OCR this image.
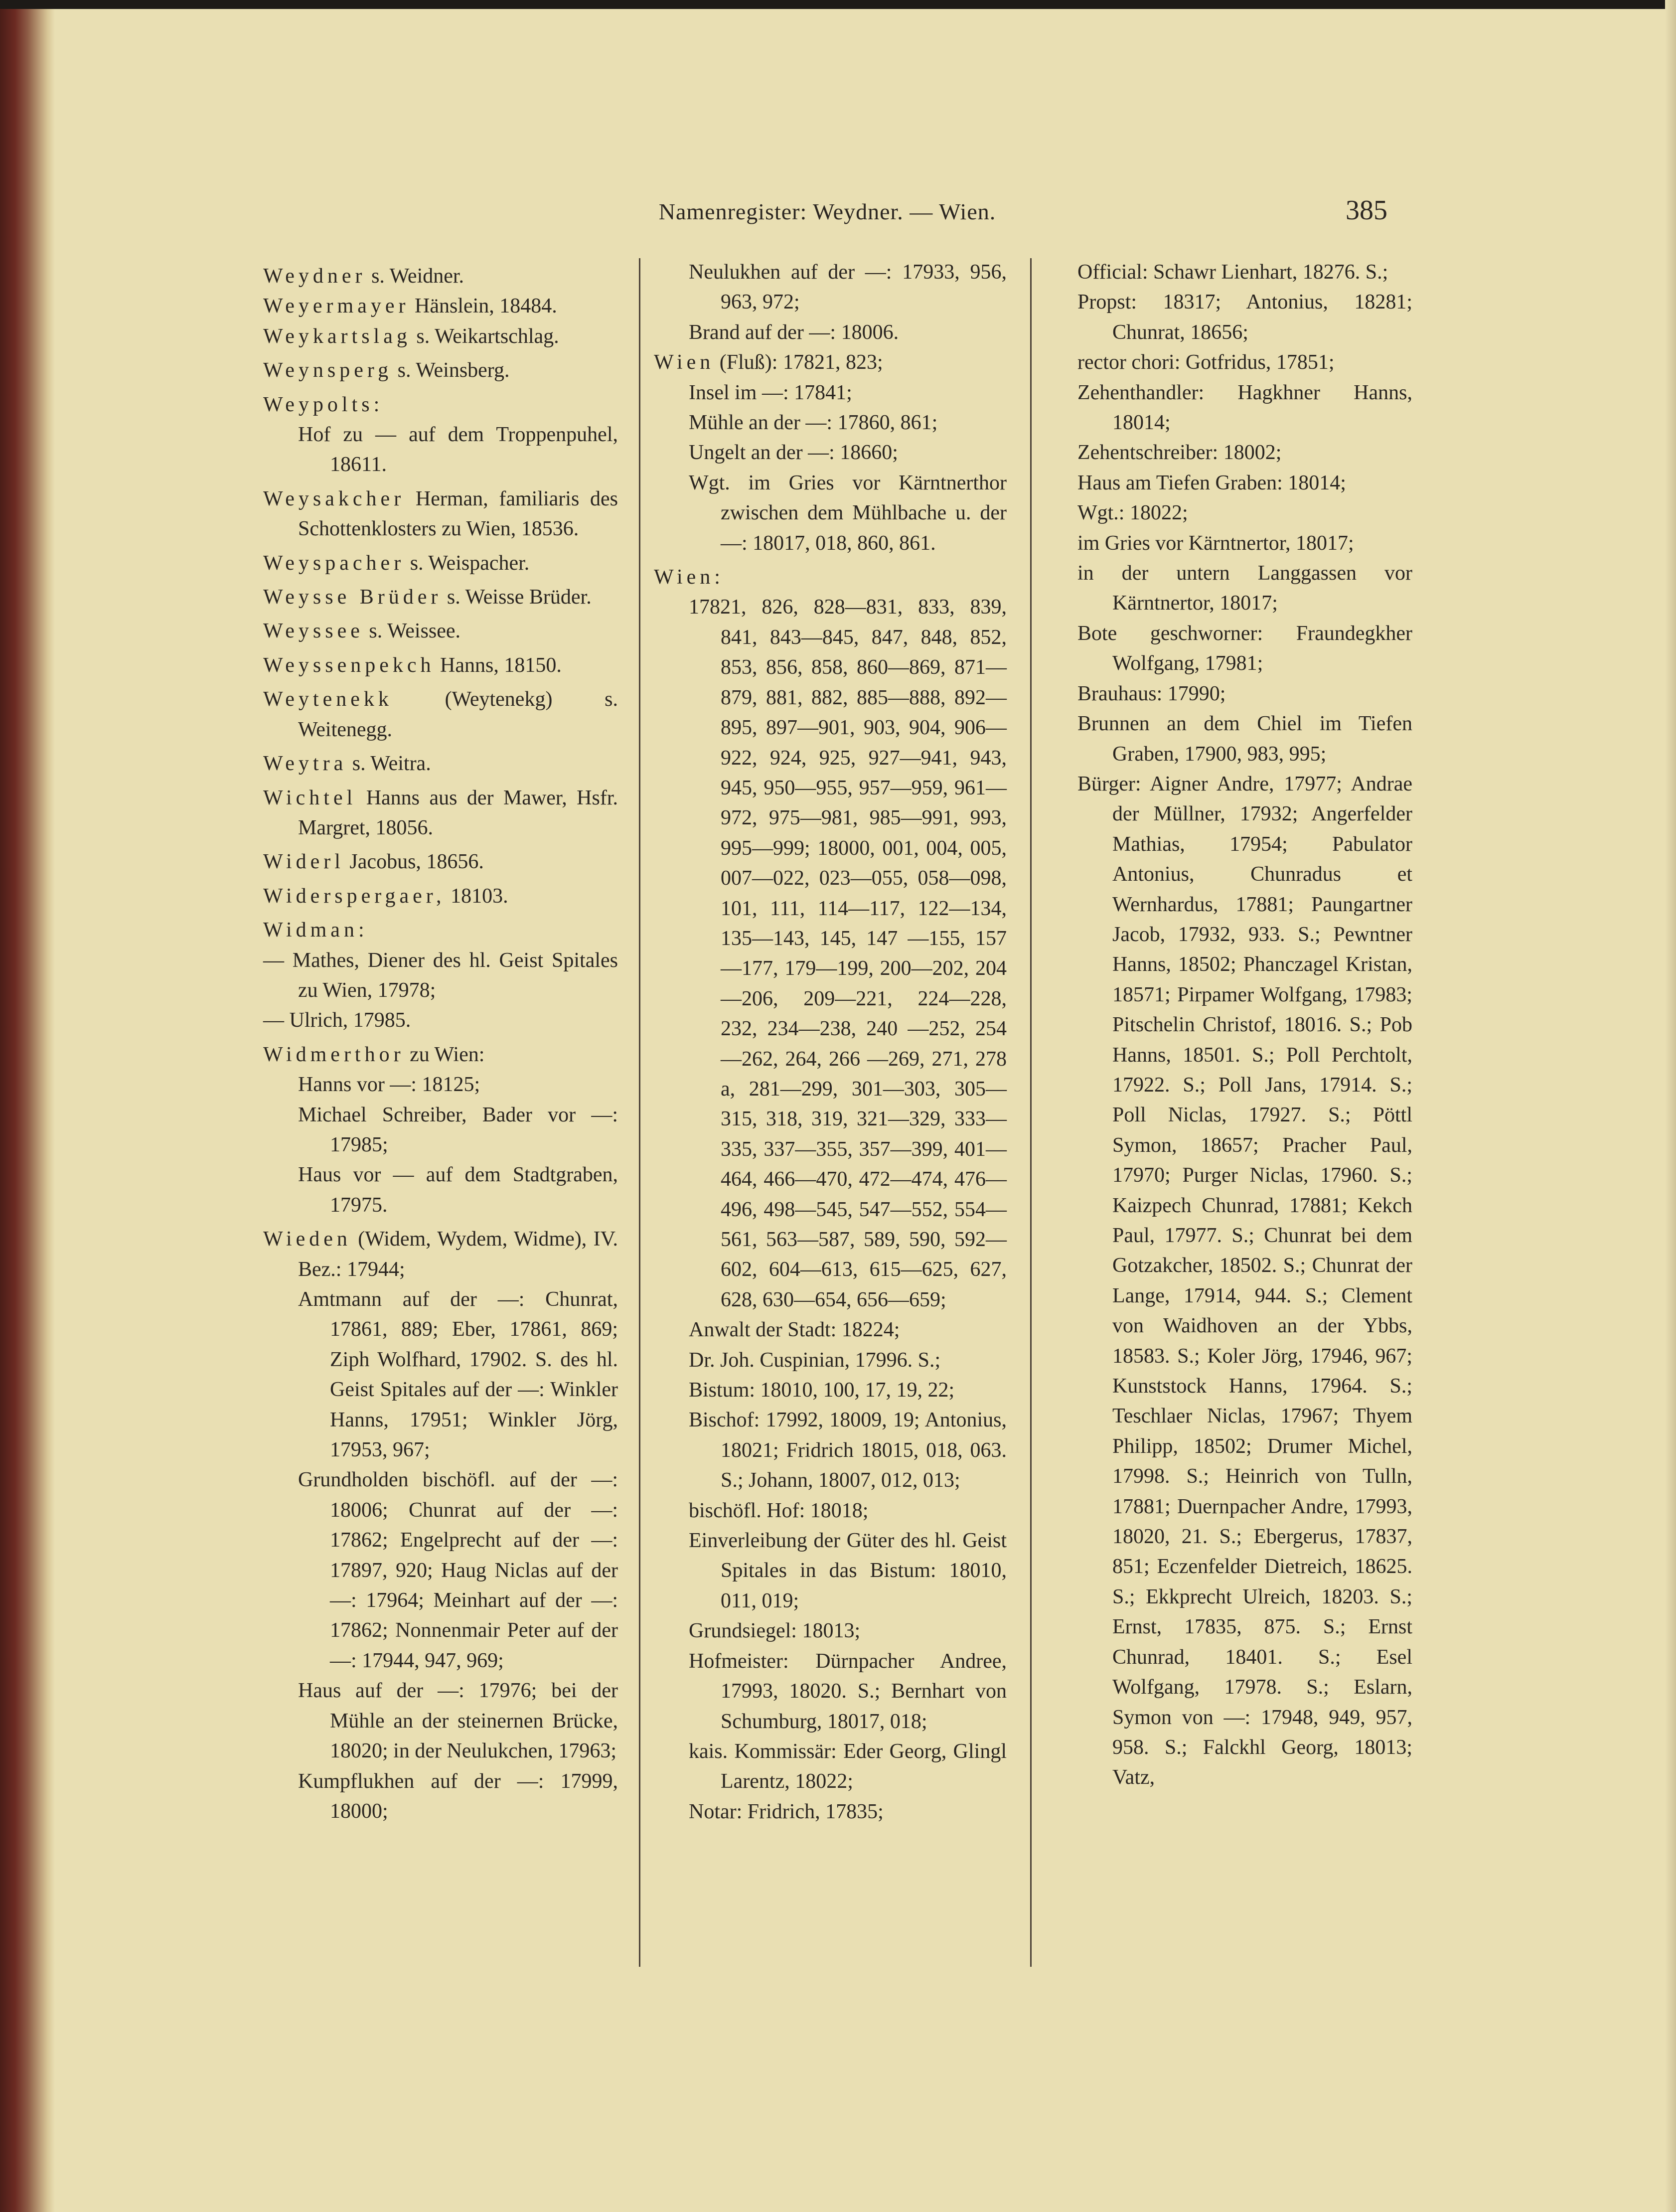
Namenregister: Weydner. — Wien.	385
Weydner s. Weidner.
Weyermayer Hänslein, 18484.
Weykartslag s. Weikartschlag.
Weynsperg s. Weinsberg.
Weypolts:
Hof zu — auf dem Troppenpuhel, 18611.
Weysakcher Herman, familiaris des Schottenklosters zu Wien, 18536.
Weyspacher s. Weispacher.
Weysse Brüder s. Weisse Brüder.
Weyssee s. Weissee.
Weyssenpekch Hanns, 18150.
Weytenekk (Weytenekg) s. Weitenegg.
Weytra s. Weitra.
Wichtel Hanns aus der Mawer, Hsfr. Margret, 18056.
Widerl Jacobus, 18656.
Widerspergaer, 18103.
Widman:
— Mathes, Diener des hl. Geist Spitales zu Wien, 17978;
— Ulrich, 17985.
Widmerthor zu Wien:
Hanns vor —: 18125;
Michael Schreiber, Bader vor —: 17985;
Haus vor — auf dem Stadtgraben, 17975.
Wieden (Widem, Wydem, Widme), IV. Bez.: 17944;
Amtmann auf der —: Chunrat, 17861, 889; Eber, 17861, 869; Ziph Wolfhard, 17902. S. des hl. Geist Spitales auf der —: Winkler Hanns, 17951; Winkler Jörg, 17953, 967;
Grundholden bischöfl. auf der —: 18006; Chunrat auf der —: 17862; Engelprecht auf der —: 17897, 920; Haug Niclas auf der —: 17964; Meinhart auf der —: 17862; Nonnenmair Peter auf der —: 17944, 947, 969;
Haus auf der —: 17976; bei der Mühle an der steinernen Brücke, 18020; in der Neulukchen, 17963;
Kumpflukhen auf der —: 17999, 18000;
Neulukhen auf der —: 17933, 956, 963, 972;
Brand auf der —: 18006.
Wien (Fluß): 17821, 823;
Insel im —: 17841;
Mühle an der —: 17860, 861;
Ungelt an der —: 18660;
Wgt. im Gries vor Kärntnerthor zwischen dem Mühlbache u. der —: 18017, 018, 860, 861.
Wien:
17821, 826, 828—831, 833, 839, 841, 843—845, 847, 848, 852, 853, 856, 858, 860—869, 871—879, 881, 882, 885—888, 892—895, 897—901, 903, 904, 906—922, 924, 925, 927—941, 943, 945, 950—955, 957—959, 961—972, 975—981, 985—991, 993, 995—999; 18000, 001, 004, 005, 007—022, 023—055, 058—098, 101, 111, 114—117, 122—134, 135—143, 145, 147 —155, 157—177, 179—199, 200—202, 204—206, 209—221, 224—228, 232, 234—238, 240 —252, 254—262, 264, 266 —269, 271, 278 a, 281—299, 301—303, 305—315, 318, 319, 321—329, 333—335, 337—355, 357—399, 401—464, 466—470, 472—474, 476—496, 498—545, 547—552, 554—561, 563—587, 589, 590, 592—602, 604—613, 615—625, 627, 628, 630—654, 656—659;
Anwalt der Stadt: 18224;
Dr. Joh. Cuspinian, 17996. S.;
Bistum: 18010, 100, 17, 19, 22;
Bischof: 17992, 18009, 19; Antonius, 18021; Fridrich 18015, 018, 063. S.; Johann, 18007, 012, 013;
bischöfl. Hof: 18018;
Einverleibung der Güter des hl. Geist Spitales in das Bistum: 18010, 011, 019;
Grundsiegel: 18013;
Hofmeister: Dürnpacher Andree, 17993, 18020. S.; Bernhart von Schumburg, 18017, 018;
kais. Kommissär: Eder Georg, Glingl Larentz, 18022;
Notar: Fridrich, 17835;
Official: Schawr Lienhart, 18276. S.;
Propst: 18317; Antonius, 18281; Chunrat, 18656;
rector chori: Gotfridus, 17851;
Zehenthandler: Hagkhner Hanns, 18014;
Zehentschreiber: 18002;
Haus am Tiefen Graben: 18014;
Wgt.: 18022;
im Gries vor Kärntnertor, 18017;
in der untern Langgassen vor Kärntnertor, 18017;
Bote geschworner: Fraundegkher Wolfgang, 17981;
Brauhaus: 17990;
Brunnen an dem Chiel im Tiefen Graben, 17900, 983, 995;
Bürger: Aigner Andre, 17977; Andrae der Müllner, 17932; Angerfelder Mathias, 17954; Pabulator Antonius, Chunradus et Wernhardus, 17881; Paungartner Jacob, 17932, 933. S.; Pewntner Hanns, 18502; Phanczagel Kristan, 18571; Pirpamer Wolfgang, 17983; Pitschelin Christof, 18016. S.; Pob Hanns, 18501. S.; Poll Perchtolt, 17922. S.; Poll Jans, 17914. S.; Poll Niclas, 17927. S.; Pöttl Symon, 18657; Pracher Paul, 17970; Purger Niclas, 17960. S.; Kaizpech Chunrad, 17881; Kekch Paul, 17977. S.; Chunrat bei dem Gotzakcher, 18502. S.; Chunrat der Lange, 17914, 944. S.; Clement von Waidhoven an der Ybbs, 18583. S.; Koler Jörg, 17946, 967; Kunststock Hanns, 17964. S.; Teschlaer Niclas, 17967; Thyem Philipp, 18502; Drumer Michel, 17998. S.; Heinrich von Tulln, 17881; Duernpacher Andre, 17993, 18020, 21. S.; Ebergerus, 17837, 851; Eczenfelder Dietreich, 18625. S.; Ekkprecht Ulreich, 18203. S.; Ernst, 17835, 875. S.; Ernst Chunrad, 18401. S.; Esel Wolfgang, 17978. S.; Eslarn, Symon von —: 17948, 949, 957, 958. S.; Falckhl Georg, 18013; Vatz,
